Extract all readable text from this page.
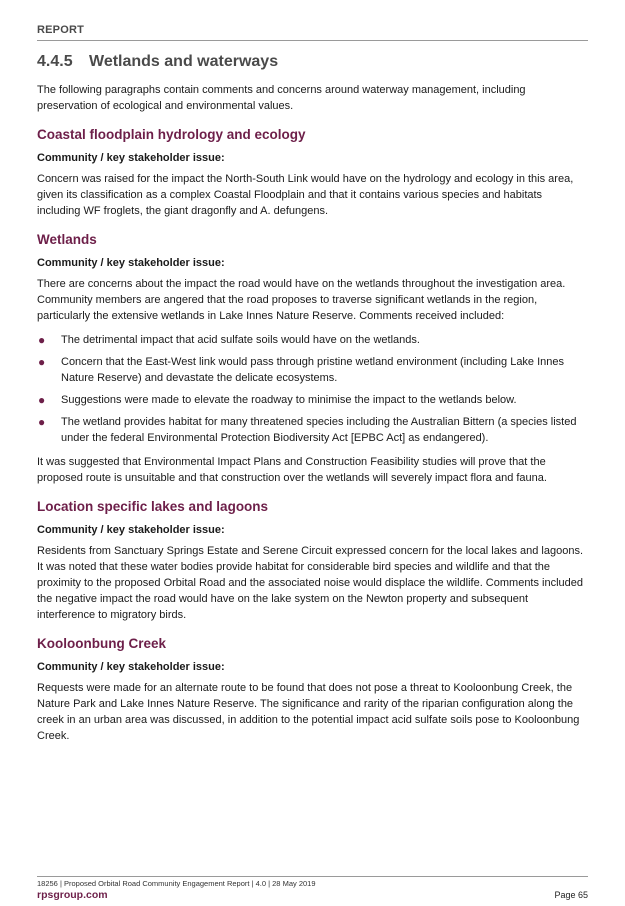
REPORT
4.4.5 Wetlands and waterways

The following paragraphs contain comments and concerns around waterway management, including preservation of ecological and environmental values.

Coastal floodplain hydrology and ecology
Community / key stakeholder issue:

Concern was raised for the impact the North-South Link would have on the hydrology and ecology in this area, given its classification as a complex Coastal Floodplain and that it contains various species and habitats including WF froglets, the giant dragonfly and A. defungens.

Wetlands
Community / key stakeholder issue:

There are concerns about the impact the road would have on the wetlands throughout the investigation area. Community members are angered that the road proposes to traverse significant wetlands in the region, particularly the extensive wetlands in Lake Innes Nature Reserve. Comments received included:

● The detrimental impact that acid sulfate soils would have on the wetlands.
● Concern that the East-West link would pass through pristine wetland environment (including Lake Innes Nature Reserve) and devastate the delicate ecosystems.
● Suggestions were made to elevate the roadway to minimise the impact to the wetlands below.
● The wetland provides habitat for many threatened species including the Australian Bittern (a species listed under the federal Environmental Protection Biodiversity Act [EPBC Act] as endangered).

It was suggested that Environmental Impact Plans and Construction Feasibility studies will prove that the proposed route is unsuitable and that construction over the wetlands will severely impact flora and fauna.

Location specific lakes and lagoons
Community / key stakeholder issue:

Residents from Sanctuary Springs Estate and Serene Circuit expressed concern for the local lakes and lagoons. It was noted that these water bodies provide habitat for considerable bird species and wildlife and that the proximity to the proposed Orbital Road and the associated noise would displace the wildlife. Comments included the negative impact the road would have on the lake system on the Newton property and subsequent interference to migratory birds.

Kooloonbung Creek
Community / key stakeholder issue:

Requests were made for an alternate route to be found that does not pose a threat to Kooloonbung Creek, the Nature Park and Lake Innes Nature Reserve. The significance and rarity of the riparian configuration along the creek in an urban area was discussed, in addition to the potential impact acid sulfate soils pose to Kooloonbung Creek.

18256 | Proposed Orbital Road Community Engagement Report | 4.0 | 28 May 2019
rpsgroup.com	Page 65
